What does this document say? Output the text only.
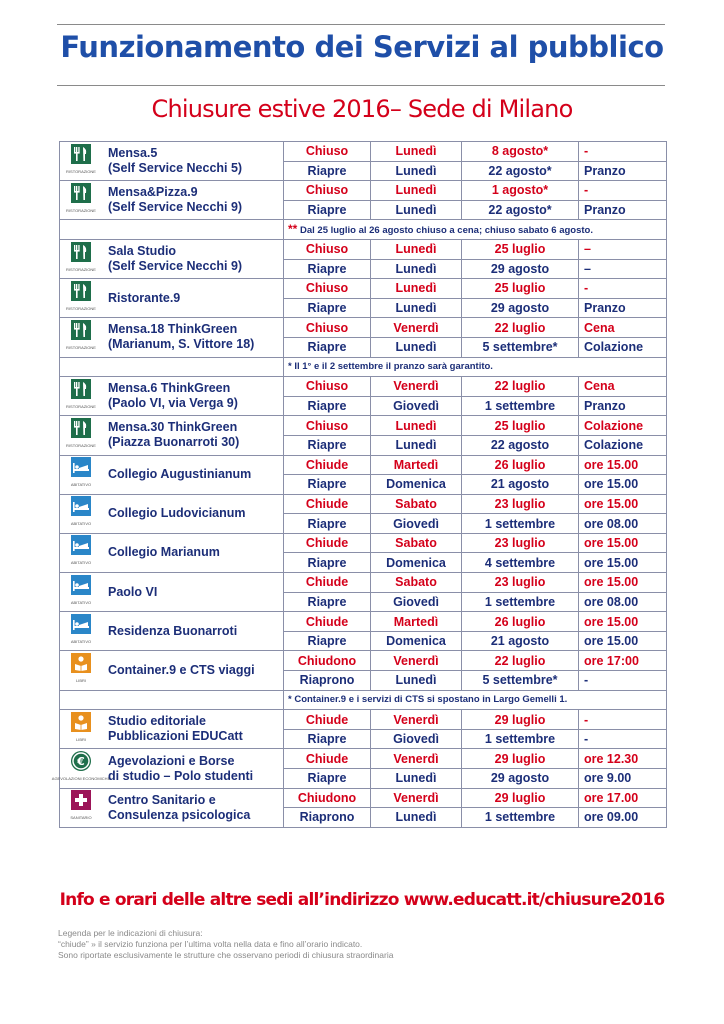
Funzionamento dei Servizi al pubblico
Chiusure estive 2016– Sede di Milano
RISTORAZIONE
Mensa.5
(Self Service Necchi 5)	Chiuso	Lunedì	8 agosto*	-
	Riapre	Lunedì	22 agosto*	Pranzo

RISTORAZIONE
Mensa&Pizza.9
(Self Service Necchi 9)	Chiuso	Lunedì	1 agosto*	-
	Riapre	Lunedì	22 agosto*	Pranzo
	** Dal 25 luglio al 26 agosto chiuso a cena; chiuso sabato 6 agosto.			

RISTORAZIONE
Sala Studio
(Self Service Necchi 9)	Chiuso	Lunedì	25 luglio	–
	Riapre	Lunedì	29 agosto	–

RISTORAZIONE
Ristorante.9	Chiuso	Lunedì	25 luglio	-
	Riapre	Lunedì	29 agosto	Pranzo

RISTORAZIONE
Mensa.18 ThinkGreen
(Marianum, S. Vittore 18)	Chiuso	Venerdì	22 luglio	Cena
	Riapre	Lunedì	5 settembre*	Colazione
	* Il 1° e il 2 settembre il pranzo sarà garantito.			

RISTORAZIONE
Mensa.6 ThinkGreen
(Paolo VI, via Verga 9)	Chiuso	Venerdì	22 luglio	Cena
	Riapre	Giovedì	1 settembre	Pranzo

RISTORAZIONE
Mensa.30 ThinkGreen
(Piazza Buonarroti 30)	Chiuso	Lunedì	25 luglio	Colazione
	Riapre	Lunedì	22 agosto	Colazione

ABITATIVO
Collegio Augustinianum	Chiude	Martedì	26 luglio	ore 15.00
	Riapre	Domenica	21 agosto	ore 15.00

ABITATIVO
Collegio Ludovicianum	Chiude	Sabato	23 luglio	ore 15.00
	Riapre	Giovedì	1 settembre	ore 08.00

ABITATIVO
Collegio Marianum	Chiude	Sabato	23 luglio	ore 15.00
	Riapre	Domenica	4 settembre	ore 15.00

ABITATIVO
Paolo VI	Chiude	Sabato	23 luglio	ore 15.00
	Riapre	Giovedì	1 settembre	ore 08.00

ABITATIVO
Residenza Buonarroti	Chiude	Martedì	26 luglio	ore 15.00
	Riapre	Domenica	21 agosto	ore 15.00

LIBRI
Container.9 e CTS viaggi	Chiudono	Venerdì	22 luglio	ore 17:00
	Riaprono	Lunedì	5 settembre*	-
	* Container.9 e i servizi di CTS si spostano in Largo Gemelli 1.			

LIBRI
Studio editoriale
Pubblicazioni EDUCatt	Chiude	Venerdì	29 luglio	-
	Riapre	Giovedì	1 settembre	-

€
AGEVOLAZIONI ECONOMICHE
Agevolazioni e Borse
di studio – Polo studenti	Chiude	Venerdì	29 luglio	ore 12.30
	Riapre	Lunedì	29 agosto	ore 9.00

SANITARIO
Centro Sanitario e
Consulenza psicologica	Chiudono	Venerdì	29 luglio	ore 17.00
	Riaprono	Lunedì	1 settembre	ore 09.00
Info e orari delle altre sedi all’indirizzo www.educatt.it/chiusure2016
Legenda per le indicazioni di chiusura:
“chiude” » il servizio funziona per l’ultima volta nella data e fino all’orario indicato.
Sono riportate esclusivamente le strutture che osservano periodi di chiusura straordinaria
